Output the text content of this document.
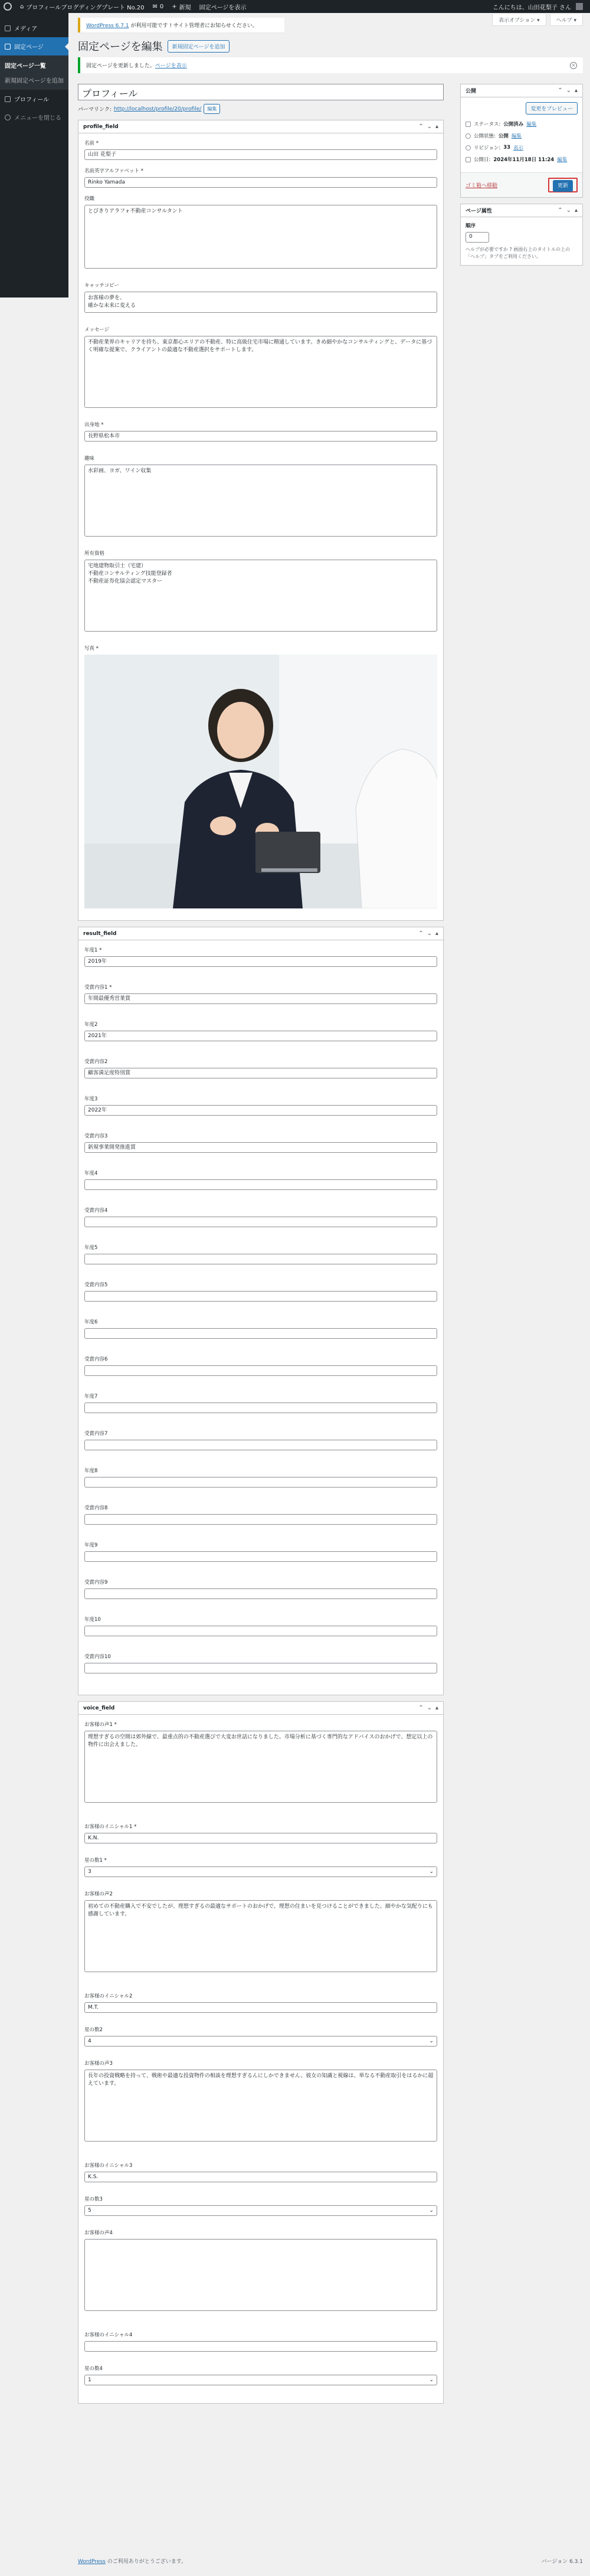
⌂ プロフィールブログディングプレート No.20 ✉ 0 + 新規 固定ページを表示	こんにちは、山田花梨子 さん
メディア
固定ページ
固定ページ一覧
新規固定ページを追加
プロフィール
メニューを閉じる
表示オプション ▾	ヘルプ ▾
WordPress 6.7.1 が利用可能です ! サイト管理者にお知らせください。
固定ページを編集	新規固定ページを追加
固定ページを更新しました。ページを表示	×
プロフィール
パーマリンク: http://localhost/profile/20/profile/	編集
profile_field	⌃ ⌄ ▴
名前 *
山田 花梨子
名前英字アルファベット *
Rinko Yamada
役職
とびきりアラフォ不動産コンサルタント
キャッチコピー
お客様の夢を、
確かな未来に変える
メッセージ
不動産業界のキャリアを持ち、東京都心エリアの不動産、特に高級住宅市場に精通しています。きめ細やかなコンサルティングと、データに基づく明確な提案で、クライアントの最適な不動産選択をサポートします。
出身地 *
長野県松本市
趣味
水彩画、ヨガ、ワイン収集
所有資格
宅地建物取引士（宅建）
不動産コンサルティング技能登録者
不動産証券化協会認定マスター
写真 *
result_field	⌃ ⌄ ▴
年度1 *
2019年
受賞内容1 *
年間最優秀営業賞
年度2
2021年
受賞内容2
顧客満足度特別賞
年度3
2022年
受賞内容3
新規事業開発推進賞
年度4
受賞内容4
年度5
受賞内容5
年度6
受賞内容6
年度7
受賞内容7
年度8
受賞内容8
年度9
受賞内容9
年度10
受賞内容10
voice_field	⌃ ⌄ ▴
お客様の声1 *
理想すぎるの空間は郊外線で、最重点的の不動産選びで大変お世話になりました。市場分析に基づく専門的なアドバイスのおかげで、想定以上の物件に出会えました。
お客様のイニシャル1 *
K.N.
星の数1 *
3	⌄
お客様の声2
初めての不動産購入で不安でしたが、理想すぎるの最適なサポートのおかげで、理想の住まいを見つけることができました。細やかな気配りにも感謝しています。
お客様のイニシャル2
M.T.
星の数2
4	⌄
お客様の声3
長年の投資戦略を持って、戦術や最適な投資物件の相談を理想すぎるんにしかできません。彼女の知識と視線は、単なる不動産取引をはるかに超えています。
お客様のイニシャル3
K.S.
星の数3
5	⌄
お客様の声4
お客様のイニシャル4
星の数4
1	⌄
公開	⌃ ⌄ ▴
変更をプレビュー
ステータス: 公開済み 編集
公開状態: 公開 編集
リビジョン: 33 表示
公開日: 2024年11月18日 11:24 編集
ゴミ箱へ移動	更新
ページ属性	⌃ ⌄ ▴
順序
0
ヘルプが必要ですか ? 画面右上のタイトルの上の「ヘルプ」タブをご利用ください。
WordPress のご利用ありがとうございます。	バージョン 6.3.1
